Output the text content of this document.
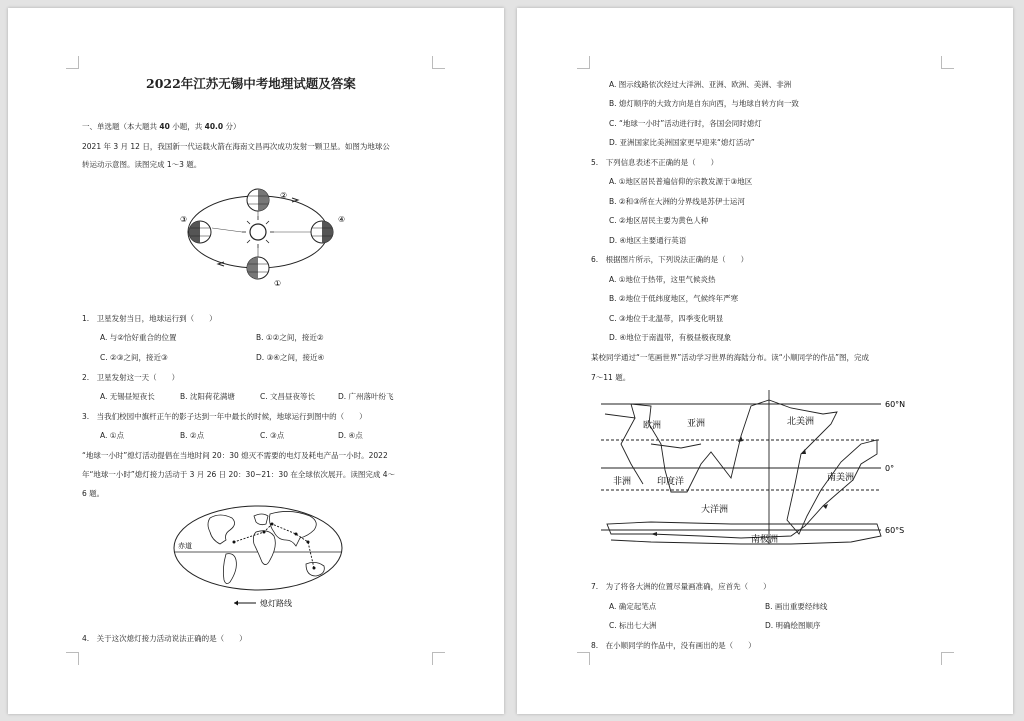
2022年江苏无锡中考地理试题及答案
一、单选题（本大题共 40 小题，共 40.0 分）
2021 年 3 月 12 日，我国新一代运载火箭在海南文昌再次成功发射一颗卫星。如图为地球公
转运动示意图。读图完成 1～3 题。
②
③	④
①
1.　卫星发射当日，地球运行到（　　）
A. 与②恰好重合的位置	B. ①②之间，接近②
C. ②③之间，接近③	D. ③④之间，接近④
2.　卫星发射这一天（　　）
A. 无锡昼短夜长	B. 沈阳荷花满塘	C. 文昌昼夜等长	D. 广州落叶纷飞
3.　当我们校园中旗杆正午的影子达到一年中最长的时候，地球运行到图中的（　　）
A. ①点	B. ②点	C. ③点	D. ④点
“地球一小时”熄灯活动提倡在当地时间 20：30 熄灭不需要的电灯及耗电产品一小时。2022
年“地球一小时”熄灯接力活动于 3 月 26 日 20：30~21：30 在全球依次展开。读图完成 4～
6 题。
赤道
熄灯路线
4.　关于这次熄灯接力活动说法正确的是（　　）
A. 图示线路依次经过大洋洲、亚洲、欧洲、美洲、非洲
B. 熄灯顺序的大致方向是自东向西，与地球自转方向一致
C. “地球一小时”活动进行时，各国会同时熄灯
D. 亚洲国家比美洲国家更早迎来“熄灯活动”
5.　下列信息表述不正确的是（　　）
A. ①地区居民普遍信仰的宗教发源于③地区
B. ②和③所在大洲的分界线是苏伊士运河
C. ②地区居民主要为黄色人种
D. ④地区主要通行英语
6.　根据图片所示，下列说法正确的是（　　）
A. ①地位于热带，这里气候炎热
B. ②地位于低纬度地区，气候终年严寒
C. ③地位于北温带，四季变化明显
D. ④地位于南温带，有极昼极夜现象
某校同学通过“一笔画世界”活动学习世界的海陆分布。读“小顺同学的作品”图，完成
7～11 题。
60°N
0°
60°S
欧洲	亚洲	北美洲
非洲	南美洲
印度洋
大洋洲
南极洲
7.　为了将各大洲的位置尽量画准确，应首先（　　）
A. 确定起笔点	B. 画出重要经纬线
C. 标出七大洲	D. 明确绘图顺序
8.　在小顺同学的作品中，没有画出的是（　　）
